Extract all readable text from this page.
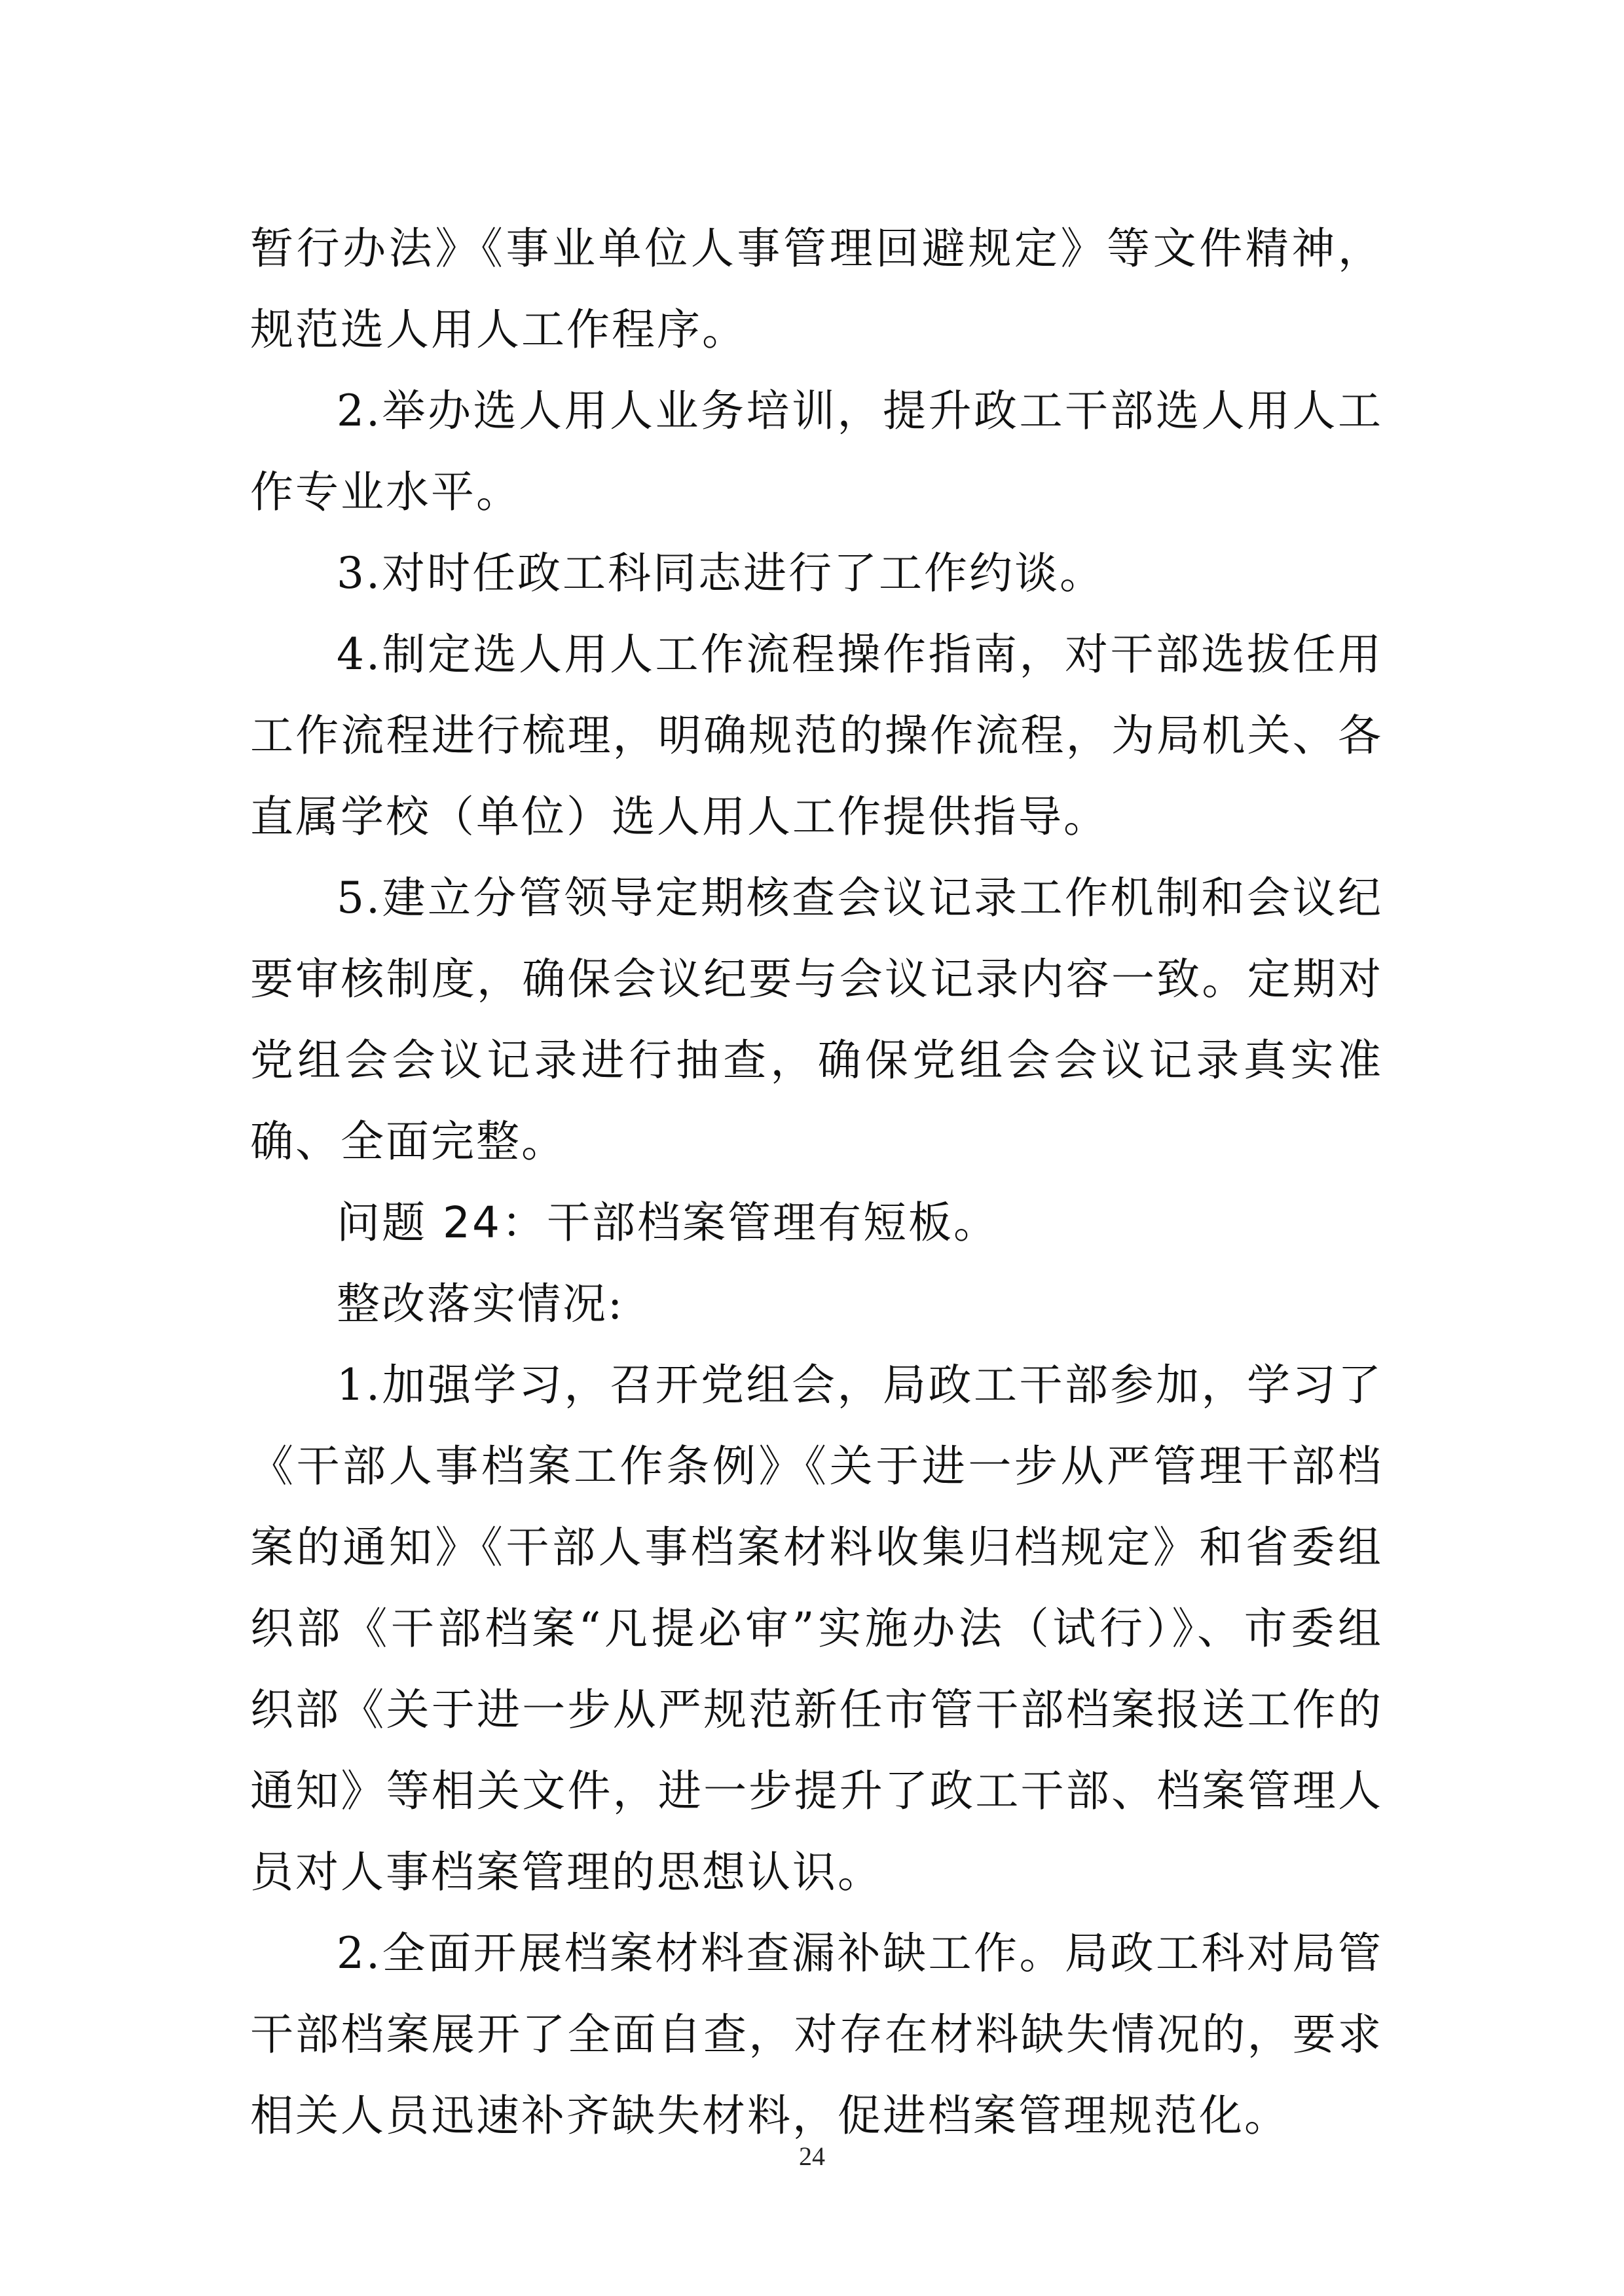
暂行办法》《事业单位人事管理回避规定》等文件精神，规范选人用人工作程序。

2.举办选人用人业务培训，提升政工干部选人用人工作专业水平。

3.对时任政工科同志进行了工作约谈。

4.制定选人用人工作流程操作指南，对干部选拔任用工作流程进行梳理，明确规范的操作流程，为局机关、各直属学校（单位）选人用人工作提供指导。

5.建立分管领导定期核查会议记录工作机制和会议纪要审核制度，确保会议纪要与会议记录内容一致。定期对党组会会议记录进行抽查，确保党组会会议记录真实准确、全面完整。

问题 24：干部档案管理有短板。

整改落实情况:

1.加强学习，召开党组会，局政工干部参加，学习了《干部人事档案工作条例》《关于进一步从严管理干部档案的通知》《干部人事档案材料收集归档规定》和省委组织部《干部档案“凡提必审”实施办法（试行）》、市委组织部《关于进一步从严规范新任市管干部档案报送工作的通知》等相关文件，进一步提升了政工干部、档案管理人员对人事档案管理的思想认识。

2.全面开展档案材料查漏补缺工作。局政工科对局管干部档案展开了全面自查，对存在材料缺失情况的，要求相关人员迅速补齐缺失材料，促进档案管理规范化。

24
